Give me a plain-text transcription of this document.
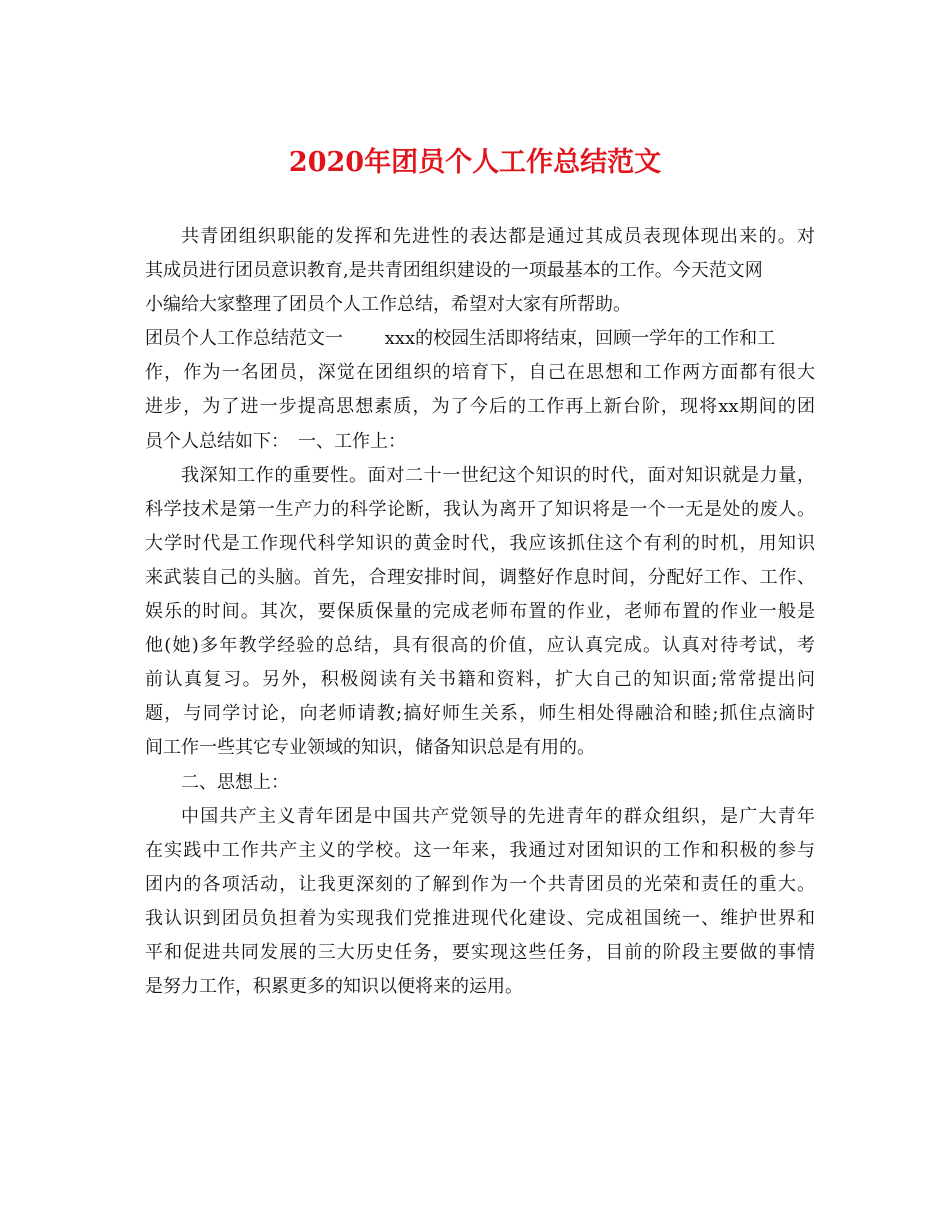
2020年团员个人工作总结范文
共青团组织职能的发挥和先进性的表达都是通过其成员表现体现出来的。对
其成员进行团员意识教育,是共青团组织建设的一项最基本的工作。今天范文网
小编给大家整理了团员个人工作总结，希望对大家有所帮助。
团员个人工作总结范文一　　 xxx的校园生活即将结束，回顾一学年的工作和工
作，作为一名团员，深觉在团组织的培育下，自己在思想和工作两方面都有很大
进步，为了进一步提高思想素质，为了今后的工作再上新台阶，现将xx期间的团
员个人总结如下：　一、工作上：
我深知工作的重要性。面对二十一世纪这个知识的时代，面对知识就是力量，
科学技术是第一生产力的科学论断，我认为离开了知识将是一个一无是处的废人。
大学时代是工作现代科学知识的黄金时代，我应该抓住这个有利的时机，用知识
来武装自己的头脑。首先，合理安排时间，调整好作息时间，分配好工作、工作、
娱乐的时间。其次，要保质保量的完成老师布置的作业，老师布置的作业一般是
他(她)多年教学经验的总结，具有很高的价值，应认真完成。认真对待考试，考
前认真复习。另外，积极阅读有关书籍和资料，扩大自己的知识面;常常提出问
题，与同学讨论，向老师请教;搞好师生关系，师生相处得融洽和睦;抓住点滴时
间工作一些其它专业领域的知识，储备知识总是有用的。
二、思想上：
中国共产主义青年团是中国共产党领导的先进青年的群众组织，是广大青年
在实践中工作共产主义的学校。这一年来，我通过对团知识的工作和积极的参与
团内的各项活动，让我更深刻的了解到作为一个共青团员的光荣和责任的重大。
我认识到团员负担着为实现我们党推进现代化建设、完成祖国统一、维护世界和
平和促进共同发展的三大历史任务，要实现这些任务，目前的阶段主要做的事情
是努力工作，积累更多的知识以便将来的运用。
